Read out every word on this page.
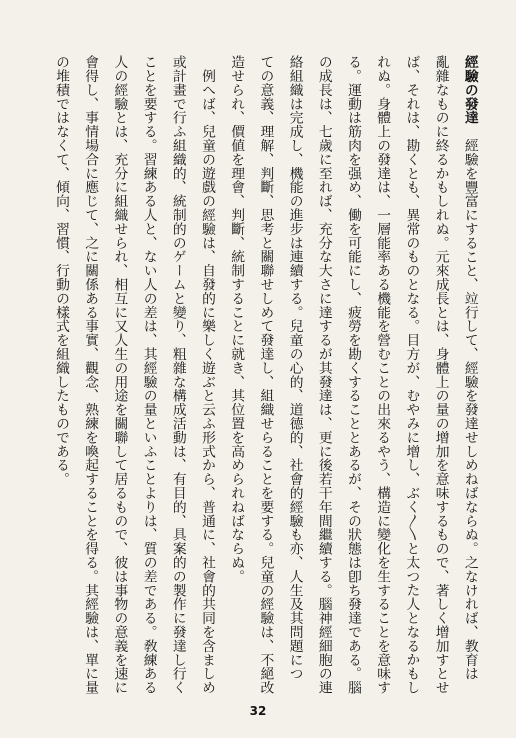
經驗の發達　經驗を豐富にすること、竝行して、經驗を發達せしめねばならぬ。之なければ、教育は
亂雜なものに終るかもしれぬ。元來成長とは、身體上の量の增加を意味するもので、著しく增加すとせ
ば、それは、勘くとも、異常のものとなる。目方が、むやみに增し、ぶく〳〵と太つた人となるかもし
れぬ。身體上の發達は、一層能率ある機能を營むことの出來るやう、構造に變化を生することを意味す
る。運動は筋肉を强め、働を可能にし、疲勞を勘くすることとあるが、その狀態は卽ち發達である。腦
の成長は、七歲に至れば、充分な大さに達するが其發達は、更に後若干年間繼續する。腦神經細胞の連
絡組織は完成し、機能の進步は連續する。兒童の心的、道德的、社會的經驗も亦、人生及其問題につ
ての意義、理解、判斷、思考と關聯せしめて發達し、組織せらることを要する。兒童の經驗は、不絕改
造せられ、價値を理會、判斷、統制することに就き、其位置を高められねばならぬ。
　例へば、兒童の遊戲の經驗は、自發的に樂しく遊ぶと云ふ形式から、普通に、社會的共同を含ましめ
或計畫で行ふ組織的、統制的のゲームと變り、粗雜な構成活動は、有目的、具案的の製作に發達し行く
ことを要する。習練ある人と、ない人の差は、其經驗の量といふことよりは、質の差である。敎練ある
人の經驗とは、充分に組織せられ、相互に又人生の用途を關聯して居るもので、彼は事物の意義を速に
會得し、事情場合に應じて、之に關係ある事實、觀念、熟練を喚起することを得る。其經驗は、單に量
の堆積ではなくて、傾向、習慣、行動の樣式を組織したものである。
32
